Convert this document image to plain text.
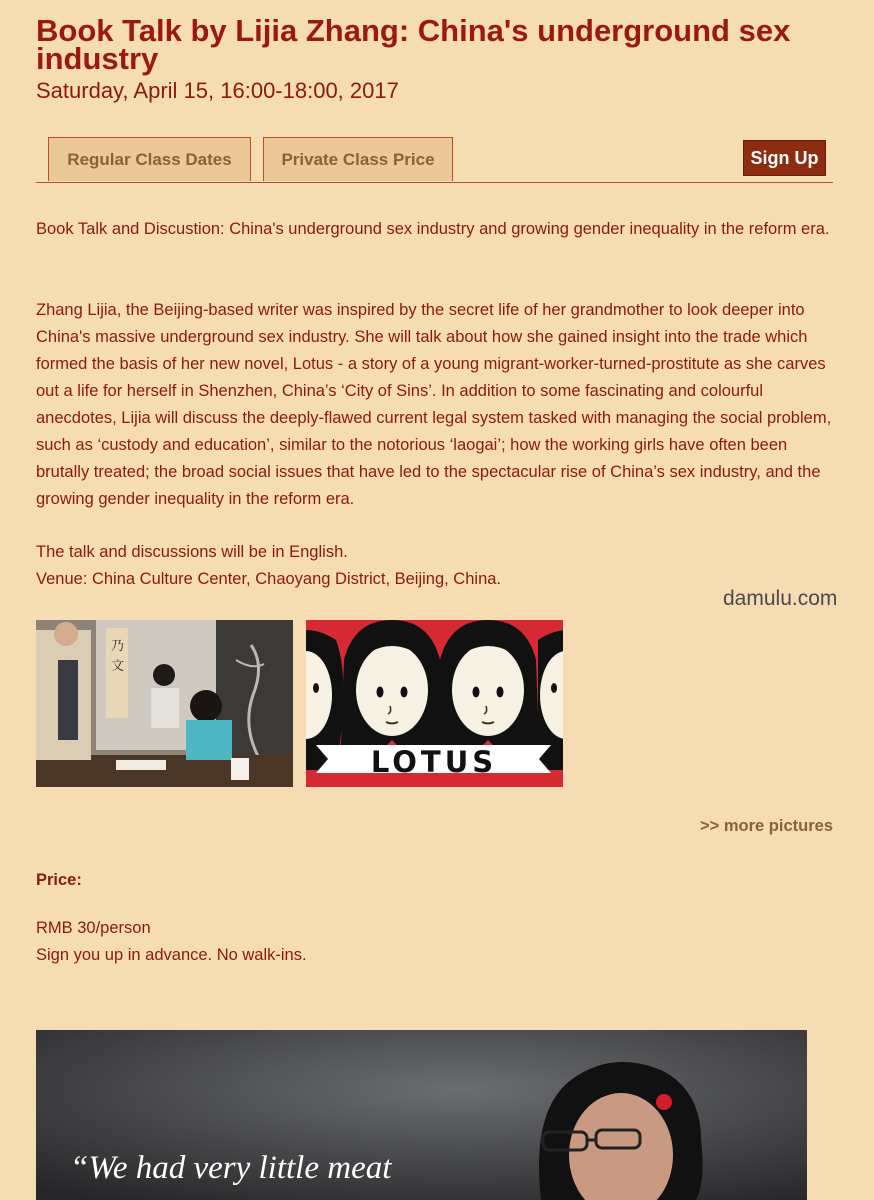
Book Talk by Lijia Zhang: China's underground sex industry
Saturday, April 15, 16:00-18:00, 2017
Regular Class Dates	Private Class Price	Sign Up
Book Talk and Discustion: China's underground sex industry and growing gender inequality in the reform era.
Zhang Lijia, the Beijing-based writer was inspired by the secret life of her grandmother to look deeper into China's massive underground sex industry. She will talk about how she gained insight into the trade which formed the basis of her new novel, Lotus - a story of a young migrant-worker-turned-prostitute as she carves out a life for herself in Shenzhen, China’s ‘City of Sins’. In addition to some fascinating and colourful anecdotes, Lijia will discuss the deeply-flawed current legal system tasked with managing the social problem, such as ‘custody and education’, similar to the notorious ‘laogai’; how the working girls have often been brutally treated; the broad social issues that have led to the spectacular rise of China’s sex industry, and the growing gender inequality in the reform era.
The talk and discussions will be in English.
Venue: China Culture Center, Chaoyang District, Beijing, China.
damulu.com
乃
文
LOTUS
>> more pictures
Price:
RMB 30/person
Sign you up in advance. No walk-ins.
“We had very little meat
